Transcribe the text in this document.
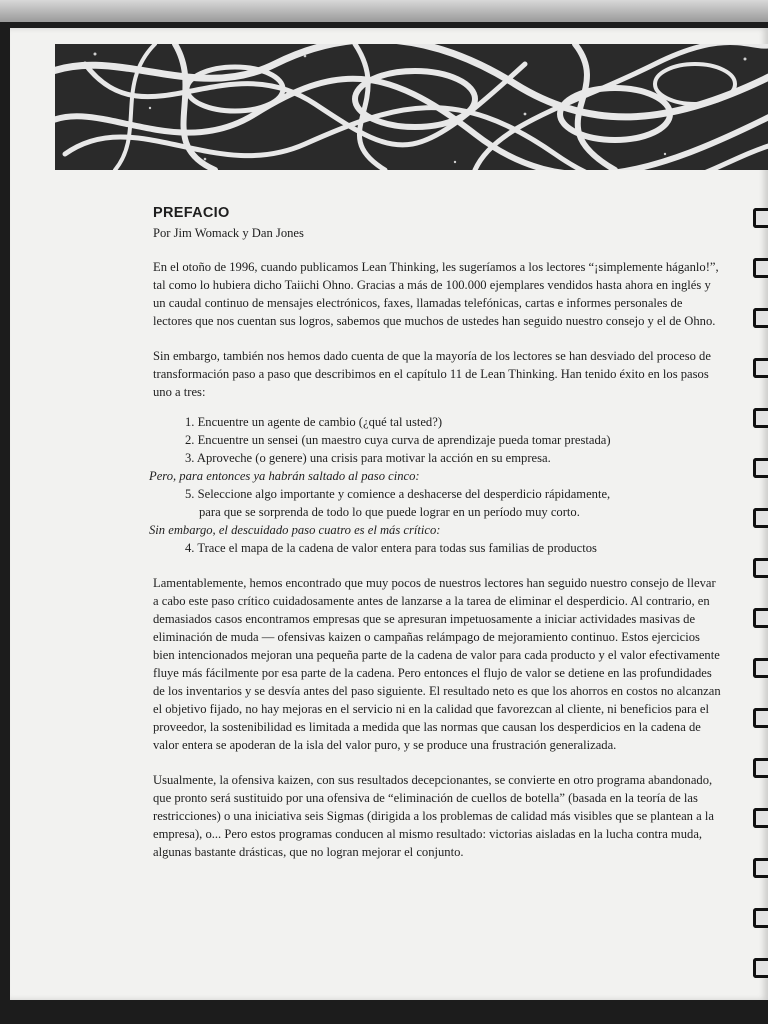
PREFACIO
Por Jim Womack y Dan Jones

En el otoño de 1996, cuando publicamos Lean Thinking, les sugeríamos a los lectores “¡simplemente háganlo!”, tal como lo hubiera dicho Taiichi Ohno. Gracias a más de 100.000 ejemplares vendidos hasta ahora en inglés y un caudal continuo de mensajes electrónicos, faxes, llamadas telefónicas, cartas e informes personales de lectores que nos cuentan sus logros, sabemos que muchos de ustedes han seguido nuestro consejo y el de Ohno.

Sin embargo, también nos hemos dado cuenta de que la mayoría de los lectores se han desviado del proceso de transformación paso a paso que describimos en el capítulo 11 de Lean Thinking. Han tenido éxito en los pasos uno a tres:

1. Encuentre un agente de cambio (¿qué tal usted?)
2. Encuentre un sensei (un maestro cuya curva de aprendizaje pueda tomar prestada)
3. Aproveche (o genere) una crisis para motivar la acción en su empresa.
Pero, para entonces ya habrán saltado al paso cinco:
5. Seleccione algo importante y comience a deshacerse del desperdicio rápidamente,
para que se sorprenda de todo lo que puede lograr en un período muy corto.
Sin embargo, el descuidado paso cuatro es el más crítico:
4. Trace el mapa de la cadena de valor entera para todas sus familias de productos

Lamentablemente, hemos encontrado que muy pocos de nuestros lectores han seguido nuestro consejo de llevar a cabo este paso crítico cuidadosamente antes de lanzarse a la tarea de eliminar el desperdicio. Al contrario, en demasiados casos encontramos empresas que se apresuran impetuosamente a iniciar actividades masivas de eliminación de muda — ofensivas kaizen o campañas relámpago de mejoramiento continuo. Estos ejercicios bien intencionados mejoran una pequeña parte de la cadena de valor para cada producto y el valor efectivamente fluye más fácilmente por esa parte de la cadena. Pero entonces el flujo de valor se detiene en las profundidades de los inventarios y se desvía antes del paso siguiente. El resultado neto es que los ahorros en costos no alcanzan el objetivo fijado, no hay mejoras en el servicio ni en la calidad que favorezcan al cliente, ni beneficios para el proveedor, la sostenibilidad es limitada a medida que las normas que causan los desperdicios en la cadena de valor entera se apoderan de la isla del valor puro, y se produce una frustración generalizada.

Usualmente, la ofensiva kaizen, con sus resultados decepcionantes, se convierte en otro programa abandonado, que pronto será sustituido por una ofensiva de “eliminación de cuellos de botella” (basada en la teoría de las restricciones) o una iniciativa seis Sigmas (dirigida a los problemas de calidad más visibles que se plantean a la empresa), o... Pero estos programas conducen al mismo resultado: victorias aisladas en la lucha contra muda, algunas bastante drásticas, que no logran mejorar el conjunto.
